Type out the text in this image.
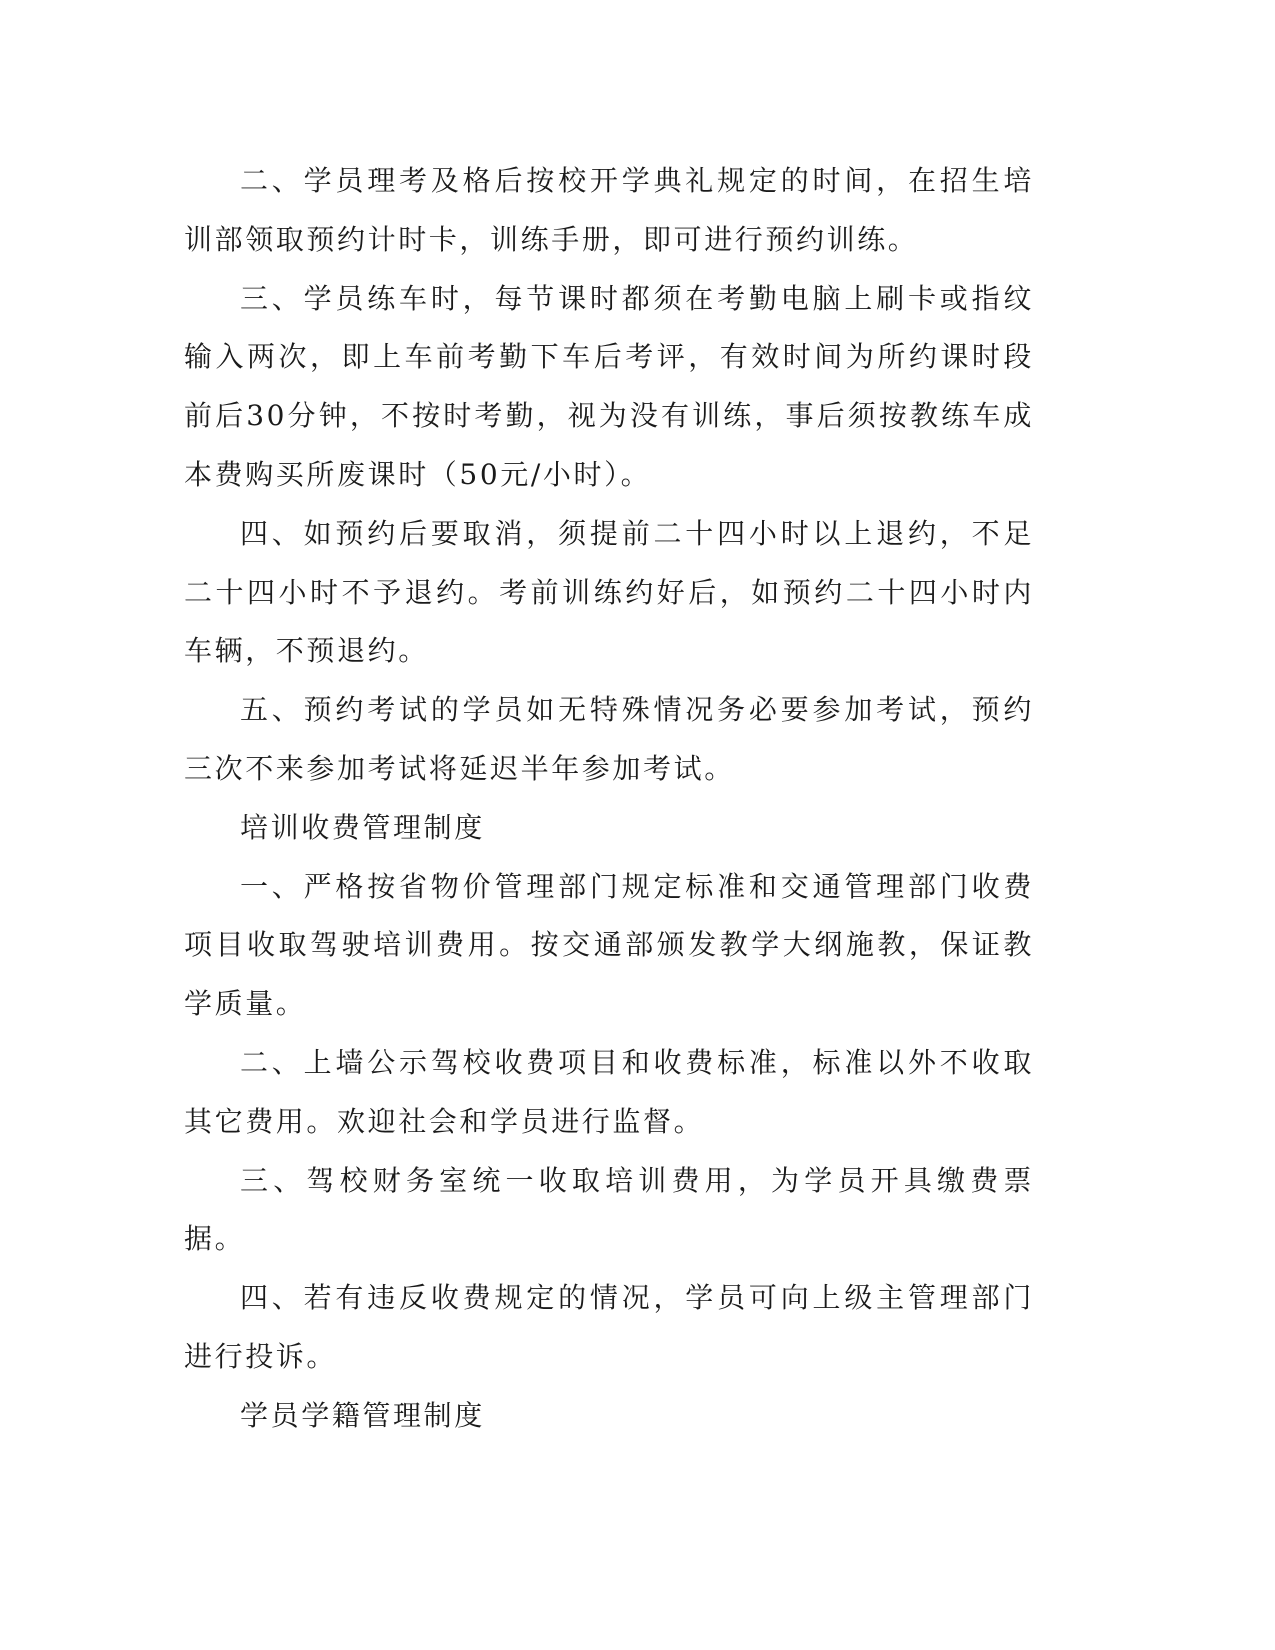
二、学员理考及格后按校开学典礼规定的时间，在招生培训部领取预约计时卡，训练手册，即可进行预约训练。

三、学员练车时，每节课时都须在考勤电脑上刷卡或指纹输入两次，即上车前考勤下车后考评，有效时间为所约课时段前后30分钟，不按时考勤，视为没有训练，事后须按教练车成本费购买所废课时（50元/小时）。

四、如预约后要取消，须提前二十四小时以上退约，不足二十四小时不予退约。考前训练约好后，如预约二十四小时内车辆，不预退约。

五、预约考试的学员如无特殊情况务必要参加考试，预约三次不来参加考试将延迟半年参加考试。

培训收费管理制度

一、严格按省物价管理部门规定标准和交通管理部门收费项目收取驾驶培训费用。按交通部颁发教学大纲施教，保证教学质量。

二、上墙公示驾校收费项目和收费标准，标准以外不收取其它费用。欢迎社会和学员进行监督。

三、驾校财务室统一收取培训费用，为学员开具缴费票据。

四、若有违反收费规定的情况，学员可向上级主管理部门进行投诉。

学员学籍管理制度
